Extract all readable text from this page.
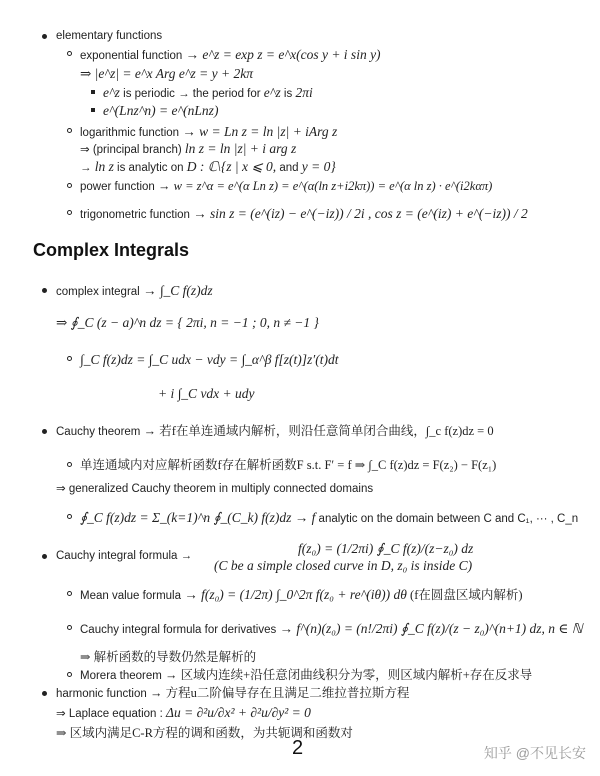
elementary functions
exponential function → e^z = exp z = e^x(cos y + i sin y)
⇒ |e^z| = e^x Arg e^z = y + 2kπ
e^z is periodic → the period for e^z is 2πi
e^(Lnz^n) = e^(nLnz)
logarithmic function → w = Ln z = ln |z| + iArg z
⇒ (principal branch) ln z = ln |z| + i arg z
→ ln z is analytic on D : ℂ\{z | x ⩽ 0, and y = 0}
power function → w = z^α = e^(α Ln z) = e^(α(ln z+i2kπ)) = e^(α ln z) · e^(i2kαπ)
trigonometric function → sin z = (e^(iz) − e^(−iz)) / 2i , cos z = (e^(iz) + e^(−iz)) / 2
Complex Integrals
complex integral → ∫_C f(z)dz
⇒ ∮_C (z − a)^n dz = { 2πi, n = −1 ; 0, n ≠ −1 }
∫_C f(z)dz = ∫_C udx − vdy = ∫_α^β f[z(t)]z′(t)dt
+ i ∫_C vdx + udy
Cauchy theorem → 若f在单连通域内解析，则沿任意简单闭合曲线，∫_c f(z)dz = 0
单连通域内对应解析函数f存在解析函数F s.t. F′ = f ⇒ ∫_C f(z)dz = F(z₂) − F(z₁)
⇒ generalized Cauchy theorem in multiply connected domains
∮_C f(z)dz = Σ_(k=1)^n ∮_(C_k) f(z)dz → f analytic on the domain between C and C₁, ··· , C_n
Cauchy integral formula →	f(z₀) = (1/2πi) ∮_C f(z)/(z−z₀) dz
(C be a simple closed curve in D, z₀ is inside C)
Mean value formula → f(z₀) = (1/2π) ∫_0^2π f(z₀ + re^(iθ)) dθ (f在圆盘区域内解析)
Cauchy integral formula for derivatives → f^(n)(z₀) = (n!/2πi) ∮_C f(z)/(z − z₀)^(n+1) dz, n ∈ ℕ
⇒ 解析函数的导数仍然是解析的
Morera theorem → 区域内连续+沿任意闭曲线积分为零，则区域内解析+存在反求导
harmonic function → 方程u二阶偏导存在且满足二维拉普拉斯方程
⇒ Laplace equation : Δu = ∂²u/∂x² + ∂²u/∂y² = 0
⇒ 区域内满足C-R方程的调和函数，为共轭调和函数对
2	知乎 @不见长安
